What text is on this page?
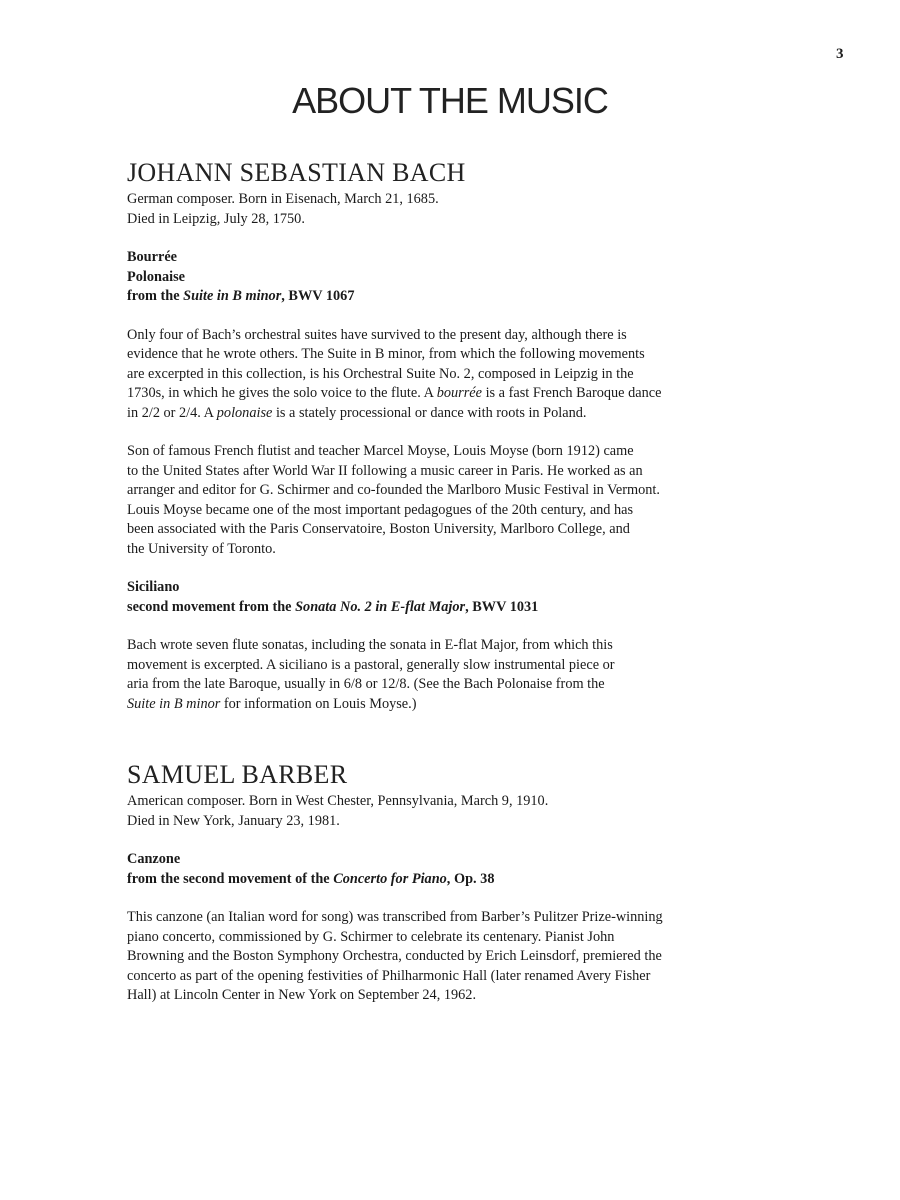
3
ABOUT THE MUSIC
JOHANN SEBASTIAN BACH

German composer. Born in Eisenach, March 21, 1685.
Died in Leipzig, July 28, 1750.

Bourrée
Polonaise
from the Suite in B minor, BWV 1067

Only four of Bach’s orchestral suites have survived to the present day, although there is
evidence that he wrote others. The Suite in B minor, from which the following movements
are excerpted in this collection, is his Orchestral Suite No. 2, composed in Leipzig in the
1730s, in which he gives the solo voice to the flute. A bourrée is a fast French Baroque dance
in 2/2 or 2/4. A polonaise is a stately processional or dance with roots in Poland.

Son of famous French flutist and teacher Marcel Moyse, Louis Moyse (born 1912) came
to the United States after World War II following a music career in Paris. He worked as an
arranger and editor for G. Schirmer and co-founded the Marlboro Music Festival in Vermont.
Louis Moyse became one of the most important pedagogues of the 20th century, and has
been associated with the Paris Conservatoire, Boston University, Marlboro College, and
the University of Toronto.

Siciliano
second movement from the Sonata No. 2 in E-flat Major, BWV 1031

Bach wrote seven flute sonatas, including the sonata in E-flat Major, from which this
movement is excerpted. A siciliano is a pastoral, generally slow instrumental piece or
aria from the late Baroque, usually in 6/8 or 12/8. (See the Bach Polonaise from the
Suite in B minor for information on Louis Moyse.)

SAMUEL BARBER

American composer. Born in West Chester, Pennsylvania, March 9, 1910.
Died in New York, January 23, 1981.

Canzone
from the second movement of the Concerto for Piano, Op. 38

This canzone (an Italian word for song) was transcribed from Barber’s Pulitzer Prize-winning
piano concerto, commissioned by G. Schirmer to celebrate its centenary. Pianist John
Browning and the Boston Symphony Orchestra, conducted by Erich Leinsdorf, premiered the
concerto as part of the opening festivities of Philharmonic Hall (later renamed Avery Fisher
Hall) at Lincoln Center in New York on September 24, 1962.
